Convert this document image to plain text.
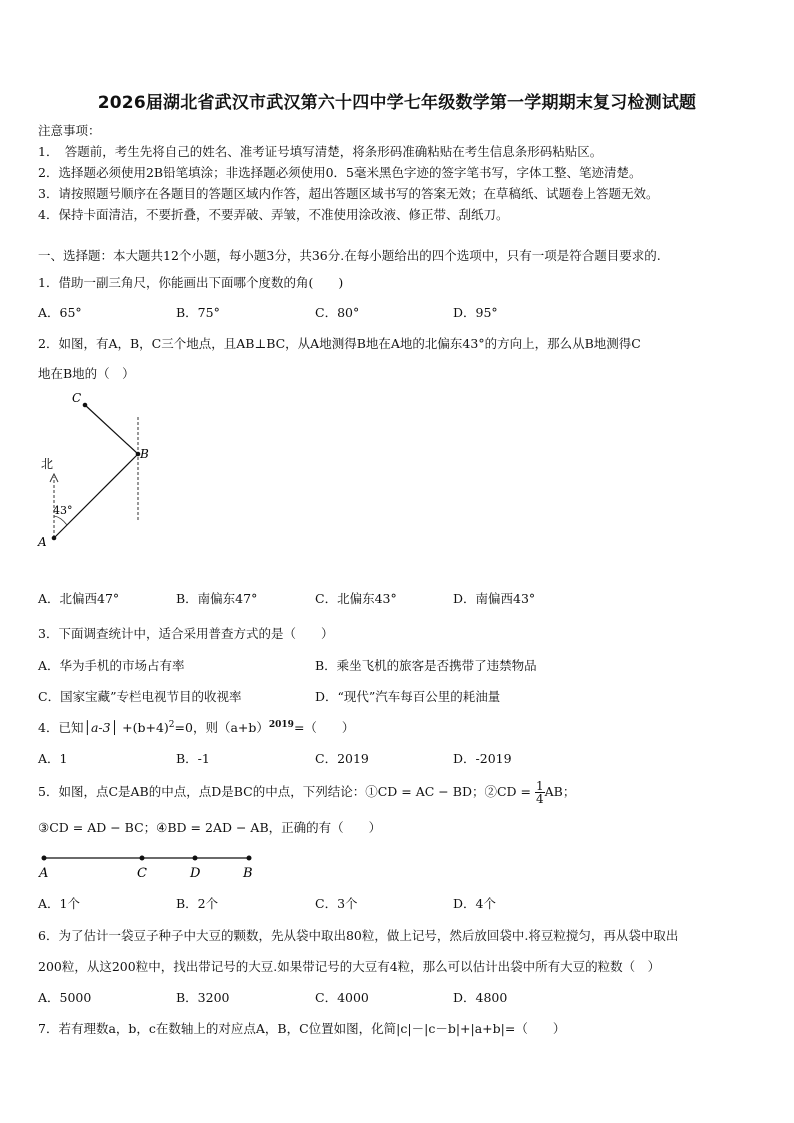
2026届湖北省武汉市武汉第六十四中学七年级数学第一学期期末复习检测试题
注意事项：
1．　答题前，考生先将自己的姓名、准考证号填写清楚，将条形码准确粘贴在考生信息条形码粘贴区。
2．选择题必须使用2B铅笔填涂；非选择题必须使用0．5毫米黑色字迹的签字笔书写，字体工整、笔迹清楚。
3．请按照题号顺序在各题目的答题区域内作答，超出答题区域书写的答案无效；在草稿纸、试题卷上答题无效。
4．保持卡面清洁，不要折叠，不要弄破、弄皱，不准使用涂改液、修正带、刮纸刀。
一、选择题：本大题共12个小题，每小题3分，共36分.在每小题给出的四个选项中，只有一项是符合题目要求的.
1．借助一副三角尺，你能画出下面哪个度数的角(　　)
A．65°	B．75°	C．80°	D．95°
2．如图，有A，B，C三个地点，且AB⊥BC，从A地测得B地在A地的北偏东43°的方向上，那么从B地测得C
地在B地的（　）
C
B
A
北
43°
A．北偏西47°	B．南偏东47°	C．北偏东43°	D．南偏西43°
3．下面调查统计中，适合采用普查方式的是（　　）
A．华为手机的市场占有率	B．乘坐飞机的旅客是否携带了违禁物品
C．国家宝藏”专栏电视节目的收视率	D．“现代”汽车每百公里的耗油量
4．已知│a-3│ $+(b+4)^2=0$，则$(a+b)^{2019}=$（　　）
A．1	B．-1	C．2019	D．-2019
5．如图，点C是AB的中点，点D是BC的中点，下列结论：①CD = AC − BD；②CD = $\frac{1}{4}$ AB；
③CD = AD − BC；④BD = 2AD − AB，正确的有（　　）
A	C	D	B
A．1个	B．2个	C．3个	D．4个
6．为了估计一袋豆子种子中大豆的颗数，先从袋中取出80粒，做上记号，然后放回袋中.将豆粒搅匀，再从袋中取出
200粒，从这200粒中，找出带记号的大豆.如果带记号的大豆有4粒，那么可以估计出袋中所有大豆的粒数（　）
A．5000	B．3200	C．4000	D．4800
7．若有理数a，b，c在数轴上的对应点A，B，C位置如图，化简|c|－|c－b|+|a+b|=（　　）
